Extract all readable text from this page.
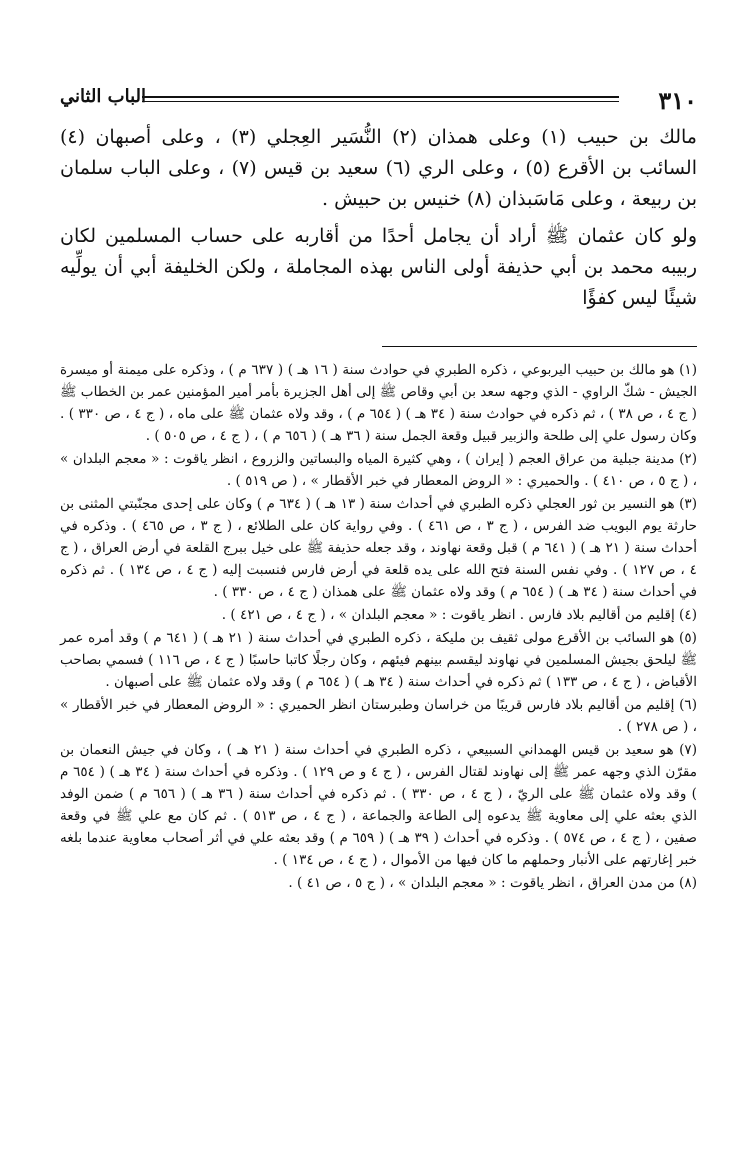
٣١٠
الباب الثاني

مالك بن حبيب (١) وعلى همذان (٢) النُّسَير العِجلي (٣) ، وعلى أصبهان (٤) السائب بن الأقرع (٥) ، وعلى الري (٦) سعيد بن قيس (٧) ، وعلى الباب سلمان بن ربيعة ، وعلى مَاسَبذان (٨) خنيس بن حبيش .

ولو كان عثمان ﷺ أراد أن يجامل أحدًا من أقاربه على حساب المسلمين لكان ربيبه محمد بن أبي حذيفة أولى الناس بهذه المجاملة ، ولكن الخليفة أبي أن يولِّيه شيئًا ليس كفؤًا

(١) هو مالك بن حبيب اليربوعي ، ذكره الطبري في حوادث سنة ( ١٦ هـ ) ( ٦٣٧ م ) ، وذكره على ميمنة أو ميسرة الجيش - شكّ الراوي - الذي وجهه سعد بن أبي وقاص ﷺ إلى أهل الجزيرة بأمر أمير المؤمنين عمر بن الخطاب ﷺ ( ج ٤ ، ص ٣٨ ) ، ثم ذكره في حوادث سنة ( ٣٤ هـ ) ( ٦٥٤ م ) ، وقد ولاه عثمان ﷺ على ماه ، ( ج ٤ ، ص ٣٣٠ ) . وكان رسول علي إلى طلحة والزبير قبيل وقعة الجمل سنة ( ٣٦ هـ ) ( ٦٥٦ م ) ، ( ج ٤ ، ص ٥٠٥ ) .

(٢) مدينة جبلية من عراق العجم ( إيران ) ، وهي كثيرة المياه والبساتين والزروع ، انظر ياقوت : « معجم البلدان » ، ( ج ٥ ، ص ٤١٠ ) . والحميري : « الروض المعطار في خبر الأقطار » ، ( ص ٥١٩ ) .

(٣) هو النسير بن ثور العجلي ذكره الطبري في أحداث سنة ( ١٣ هـ ) ( ٦٣٤ م ) وكان على إحدى مجنّبتي المثنى بن حارثة يوم البويب ضد الفرس ، ( ج ٣ ، ص ٤٦١ ) . وفي رواية كان على الطلائع ، ( ج ٣ ، ص ٤٦٥ ) . وذكره في أحداث سنة ( ٢١ هـ ) ( ٦٤١ م ) قبل وقعة نهاوند ، وقد جعله حذيفة ﷺ على خيل ببرج القلعة في أرض العراق ، ( ج ٤ ، ص ١٢٧ ) . وفي نفس السنة فتح الله على يده قلعة في أرض فارس فنسبت إليه ( ج ٤ ، ص ١٣٤ ) . ثم ذكره في أحداث سنة ( ٣٤ هـ ) ( ٦٥٤ م ) وقد ولاه عثمان ﷺ على همذان ( ج ٤ ، ص ٣٣٠ ) .

(٤) إقليم من أقاليم بلاد فارس . انظر ياقوت : « معجم البلدان » ، ( ج ٤ ، ص ٤٢١ ) .

(٥) هو السائب بن الأقرع مولى ثقيف بن مليكة ، ذكره الطبري في أحداث سنة ( ٢١ هـ ) ( ٦٤١ م ) وقد أمره عمر ﷺ ليلحق بجيش المسلمين في نهاوند ليقسم بينهم فيئهم ، وكان رجلًا كاتبا حاسبًا ( ج ٤ ، ص ١١٦ ) فسمي بصاحب الأقباض ، ( ج ٤ ، ص ١٣٣ ) ثم ذكره في أحداث سنة ( ٣٤ هـ ) ( ٦٥٤ م ) وقد ولاه عثمان ﷺ على أصبهان .

(٦) إقليم من أقاليم بلاد فارس قريبًا من خراسان وطبرستان انظر الحميري : « الروض المعطار في خبر الأقطار » ، ( ص ٢٧٨ ) .

(٧) هو سعيد بن قيس الهمداني السبيعي ، ذكره الطبري في أحداث سنة ( ٢١ هـ ) ، وكان في جيش النعمان بن مقرّن الذي وجهه عمر ﷺ إلى نهاوند لقتال الفرس ، ( ج ٤ و ص ١٢٩ ) . وذكره في أحداث سنة ( ٣٤ هـ ) ( ٦٥٤ م ) وقد ولاه عثمان ﷺ على الريّ ، ( ج ٤ ، ص ٣٣٠ ) . ثم ذكره في أحداث سنة ( ٣٦ هـ ) ( ٦٥٦ م ) ضمن الوفد الذي بعثه علي إلى معاوية ﷺ يدعوه إلى الطاعة والجماعة ، ( ج ٤ ، ص ٥١٣ ) . ثم كان مع علي ﷺ في وقعة صفين ، ( ج ٤ ، ص ٥٧٤ ) . وذكره في أحداث ( ٣٩ هـ ) ( ٦٥٩ م ) وقد بعثه علي في أثر أصحاب معاوية عندما بلغه خبر إغارتهم على الأنبار وحملهم ما كان فيها من الأموال ، ( ج ٤ ، ص ١٣٤ ) .

(٨) من مدن العراق ، انظر ياقوت : « معجم البلدان » ، ( ج ٥ ، ص ٤١ ) .
